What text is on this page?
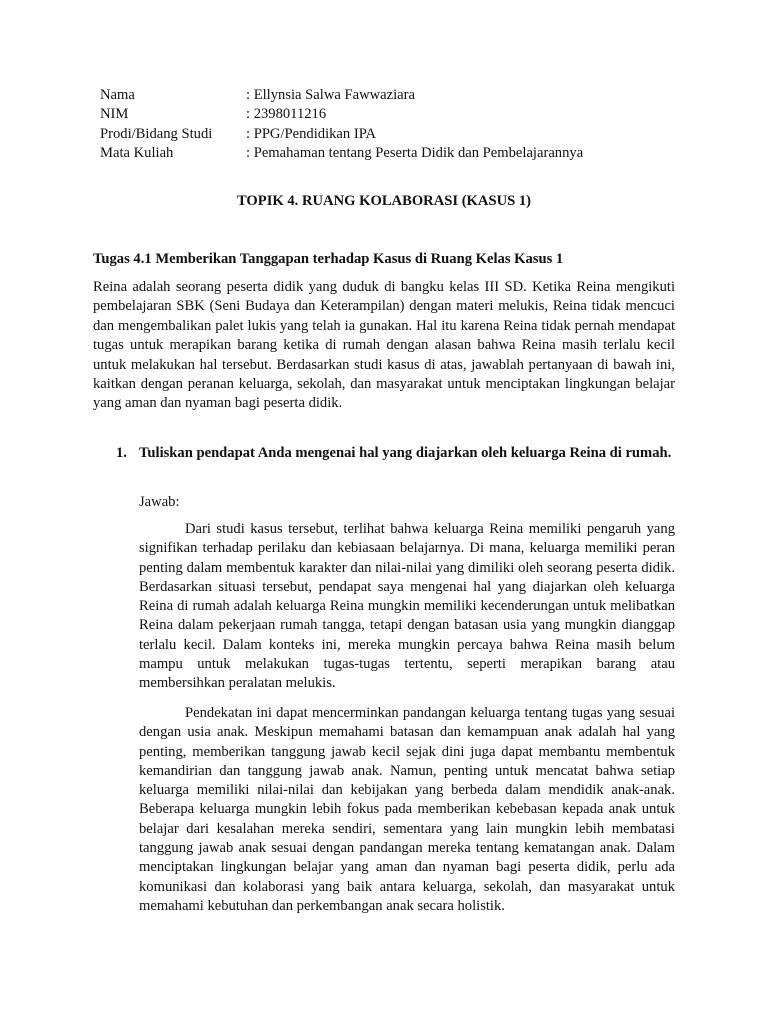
Nama	: Ellynsia Salwa Fawwaziara
NIM	: 2398011216
Prodi/Bidang Studi	: PPG/Pendidikan IPA
Mata Kuliah	: Pemahaman tentang Peserta Didik dan Pembelajarannya
TOPIK 4. RUANG KOLABORASI (KASUS 1)
Tugas 4.1 Memberikan Tanggapan terhadap Kasus di Ruang Kelas Kasus 1

Reina adalah seorang peserta didik yang duduk di bangku kelas III SD. Ketika Reina mengikuti pembelajaran SBK (Seni Budaya dan Keterampilan) dengan materi melukis, Reina tidak mencuci dan mengembalikan palet lukis yang telah ia gunakan. Hal itu karena Reina tidak pernah mendapat tugas untuk merapikan barang ketika di rumah dengan alasan bahwa Reina masih terlalu kecil untuk melakukan hal tersebut. Berdasarkan studi kasus di atas, jawablah pertanyaan di bawah ini, kaitkan dengan peranan keluarga, sekolah, dan masyarakat untuk menciptakan lingkungan belajar yang aman dan nyaman bagi peserta didik.

1. Tuliskan pendapat Anda mengenai hal yang diajarkan oleh keluarga Reina di rumah.

Jawab:

Dari studi kasus tersebut, terlihat bahwa keluarga Reina memiliki pengaruh yang signifikan terhadap perilaku dan kebiasaan belajarnya. Di mana, keluarga memiliki peran penting dalam membentuk karakter dan nilai-nilai yang dimiliki oleh seorang peserta didik. Berdasarkan situasi tersebut, pendapat saya mengenai hal yang diajarkan oleh keluarga Reina di rumah adalah keluarga Reina mungkin memiliki kecenderungan untuk melibatkan Reina dalam pekerjaan rumah tangga, tetapi dengan batasan usia yang mungkin dianggap terlalu kecil. Dalam konteks ini, mereka mungkin percaya bahwa Reina masih belum mampu untuk melakukan tugas-tugas tertentu, seperti merapikan barang atau membersihkan peralatan melukis.

Pendekatan ini dapat mencerminkan pandangan keluarga tentang tugas yang sesuai dengan usia anak. Meskipun memahami batasan dan kemampuan anak adalah hal yang penting, memberikan tanggung jawab kecil sejak dini juga dapat membantu membentuk kemandirian dan tanggung jawab anak. Namun, penting untuk mencatat bahwa setiap keluarga memiliki nilai-nilai dan kebijakan yang berbeda dalam mendidik anak-anak. Beberapa keluarga mungkin lebih fokus pada memberikan kebebasan kepada anak untuk belajar dari kesalahan mereka sendiri, sementara yang lain mungkin lebih membatasi tanggung jawab anak sesuai dengan pandangan mereka tentang kematangan anak. Dalam menciptakan lingkungan belajar yang aman dan nyaman bagi peserta didik, perlu ada komunikasi dan kolaborasi yang baik antara keluarga, sekolah, dan masyarakat untuk memahami kebutuhan dan perkembangan anak secara holistik.
